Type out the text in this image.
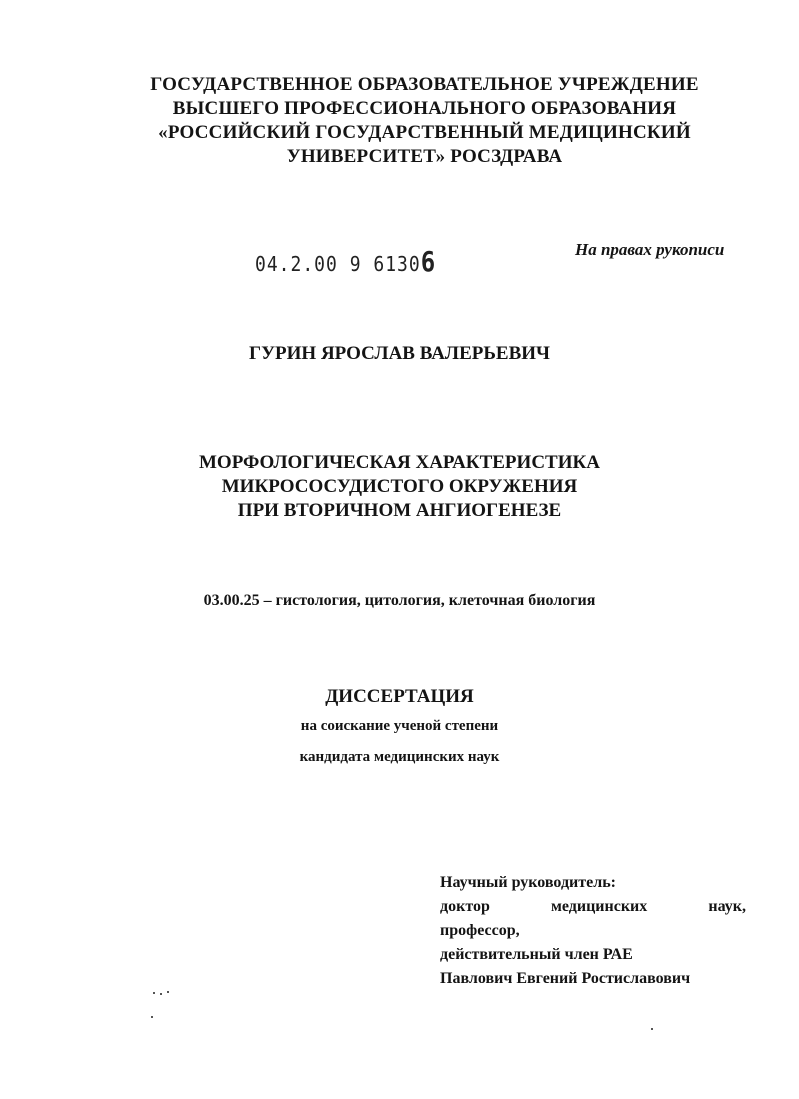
ГОСУДАРСТВЕННОЕ ОБРАЗОВАТЕЛЬНОЕ УЧРЕЖДЕНИЕ
ВЫСШЕГО ПРОФЕССИОНАЛЬНОГО ОБРАЗОВАНИЯ
«РОССИЙСКИЙ ГОСУДАРСТВЕННЫЙ МЕДИЦИНСКИЙ
УНИВЕРСИТЕТ» РОСЗДРАВА
04.2.00 9 61306	На правах рукописи
ГУРИН ЯРОСЛАВ ВАЛЕРЬЕВИЧ
МОРФОЛОГИЧЕСКАЯ ХАРАКТЕРИСТИКА
МИКРОСОСУДИСТОГО ОКРУЖЕНИЯ
ПРИ ВТОРИЧНОМ АНГИОГЕНЕЗЕ
03.00.25 – гистология, цитология, клеточная биология
ДИССЕРТАЦИЯ
на соискание ученой степени
кандидата медицинских наук
Научный руководитель:
доктор	медицинских	наук,
профессор,
действительный член РАЕ
Павлович Евгений Ростиславович
